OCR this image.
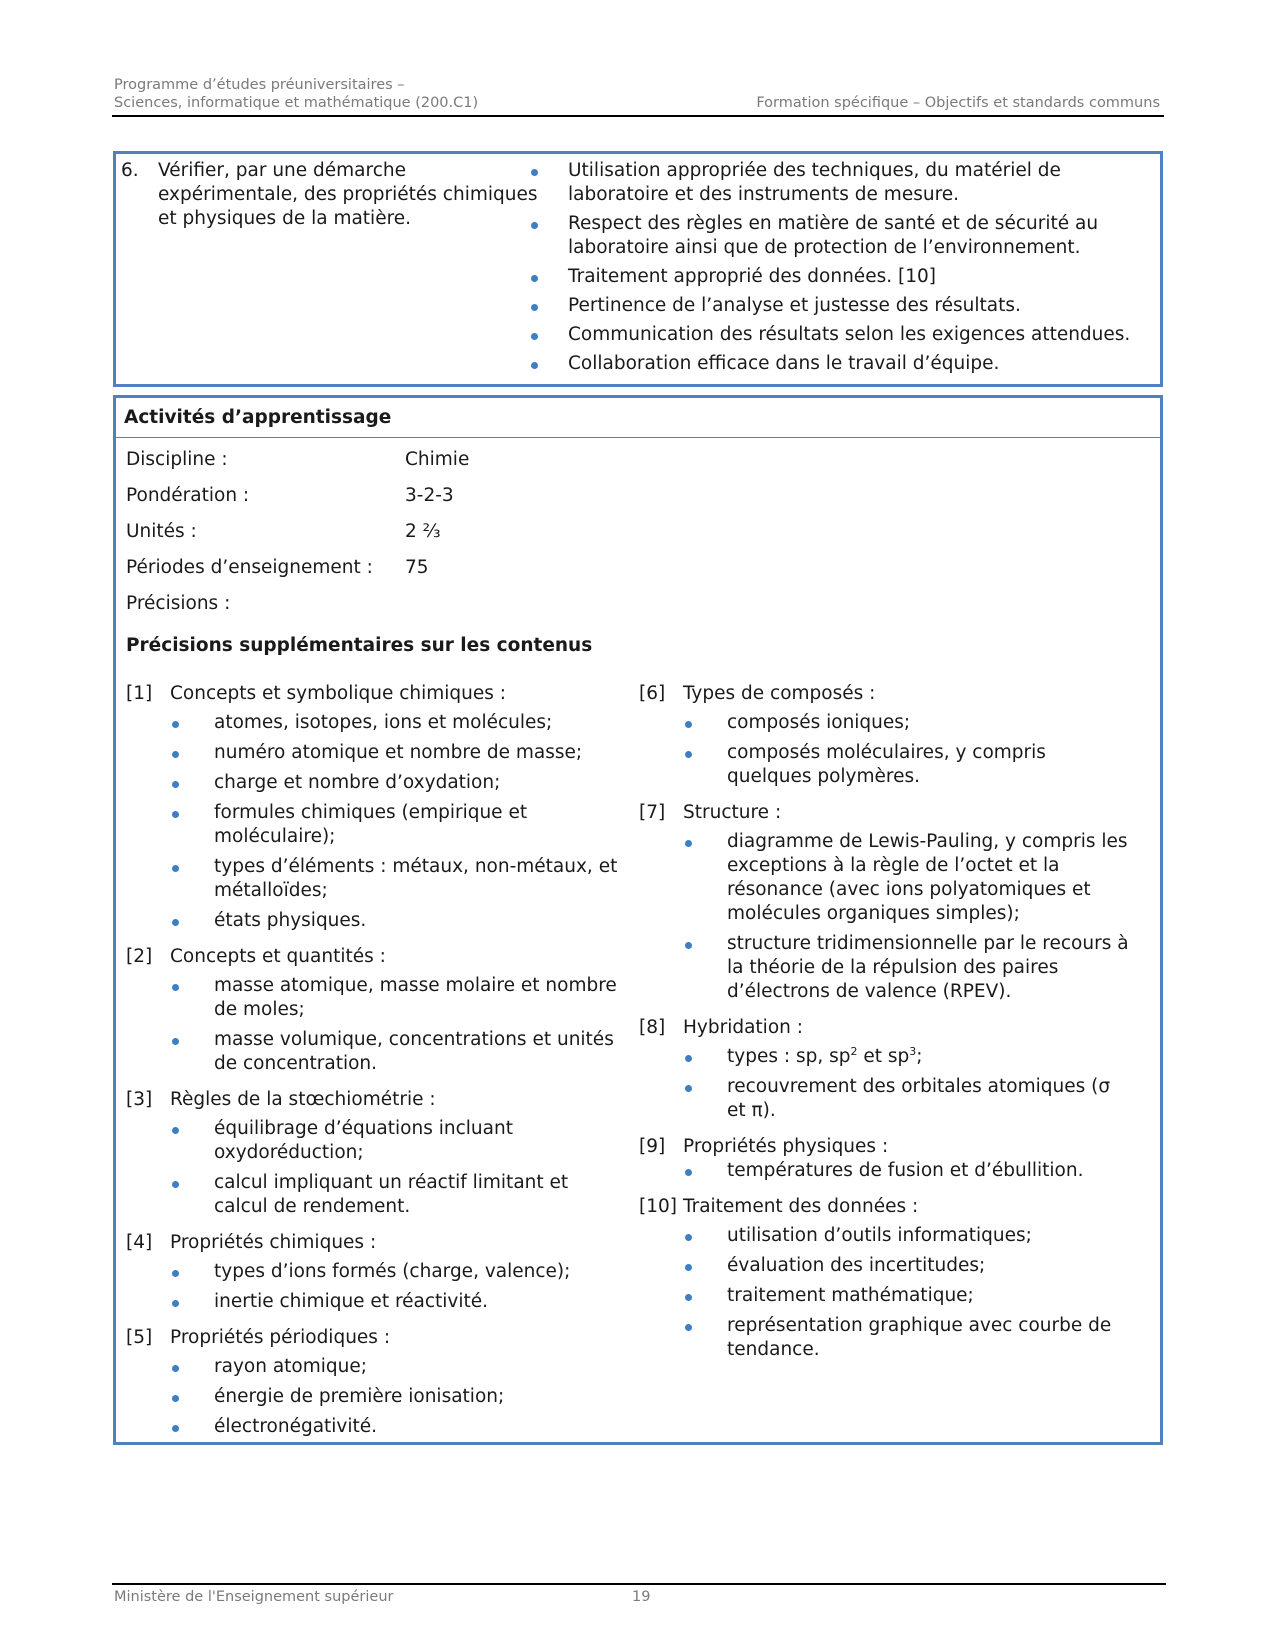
Programme d’études préuniversitaires –
Sciences, informatique et mathématique (200.C1)	Formation spécifique – Objectifs et standards communs
6. Vérifier, par une démarche expérimentale, des propriétés chimiques et physiques de la matière.
Utilisation appropriée des techniques, du matériel de laboratoire et des instruments de mesure.
Respect des règles en matière de santé et de sécurité au laboratoire ainsi que de protection de l’environnement.
Traitement approprié des données. [10]
Pertinence de l’analyse et justesse des résultats.
Communication des résultats selon les exigences attendues.
Collaboration efficace dans le travail d’équipe.
Activités d’apprentissage
Discipline :	Chimie
Pondération :	3-2-3
Unités :	2 ⅔
Périodes d’enseignement : 75
Précisions :
Précisions supplémentaires sur les contenus
[1] Concepts et symbolique chimiques :
atomes, isotopes, ions et molécules;
numéro atomique et nombre de masse;
charge et nombre d’oxydation;
formules chimiques (empirique et moléculaire);
types d’éléments : métaux, non-métaux, et métalloïdes;
états physiques.
[2] Concepts et quantités :
masse atomique, masse molaire et nombre de moles;
masse volumique, concentrations et unités de concentration.
[3] Règles de la stœchiométrie :
équilibrage d’équations incluant oxydoréduction;
calcul impliquant un réactif limitant et calcul de rendement.
[4] Propriétés chimiques :
types d’ions formés (charge, valence);
inertie chimique et réactivité.
[5] Propriétés périodiques :
rayon atomique;
énergie de première ionisation;
électronégativité.
[6] Types de composés :
composés ioniques;
composés moléculaires, y compris quelques polymères.
[7] Structure :
diagramme de Lewis-Pauling, y compris les exceptions à la règle de l’octet et la résonance (avec ions polyatomiques et molécules organiques simples);
structure tridimensionnelle par le recours à la théorie de la répulsion des paires d’électrons de valence (RPEV).
[8] Hybridation :
types : sp, $sp^2$ et $sp^3$;
recouvrement des orbitales atomiques (σ et π).
[9] Propriétés physiques :
températures de fusion et d’ébullition.
[10] Traitement des données :
utilisation d’outils informatiques;
évaluation des incertitudes;
traitement mathématique;
représentation graphique avec courbe de tendance.
Ministère de l'Enseignement supérieur	19
